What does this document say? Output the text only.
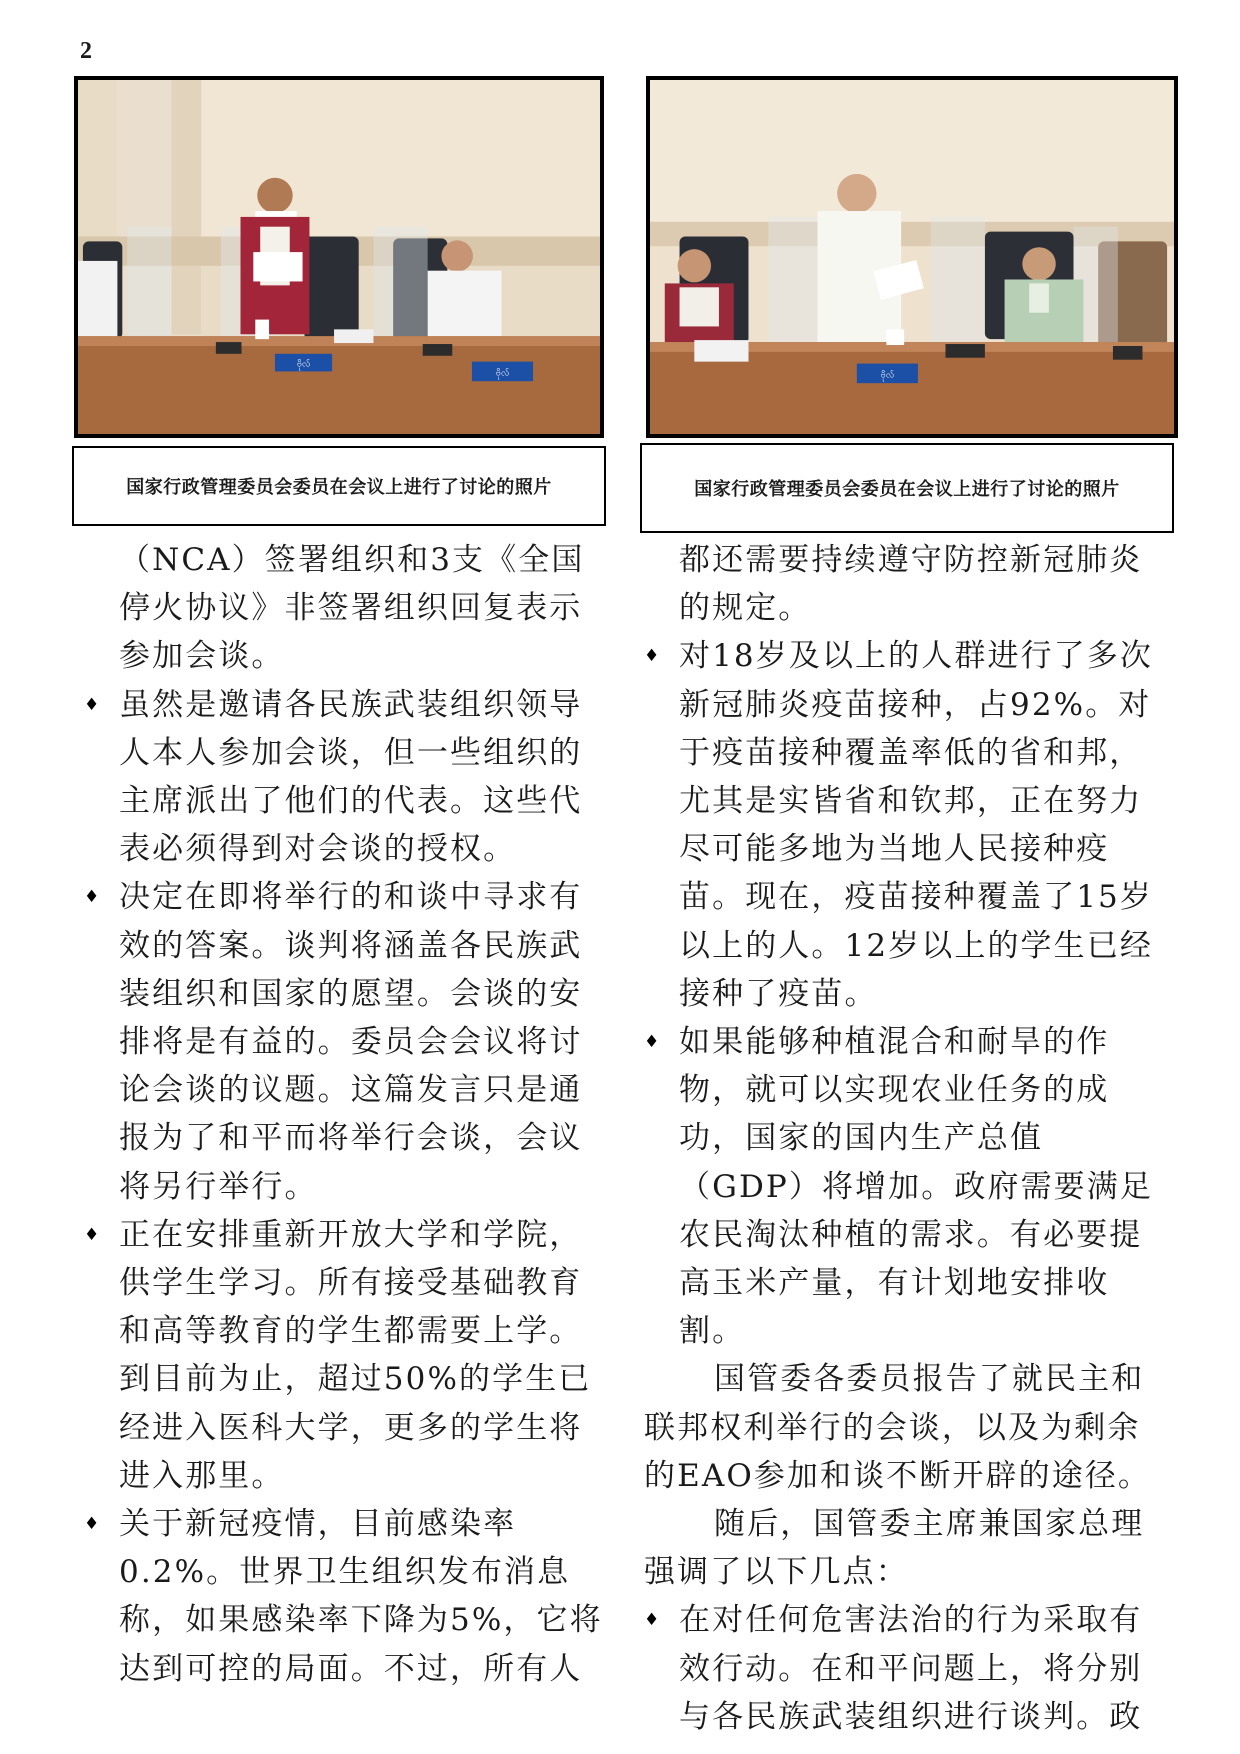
2
ဗိုလ်
ဗိုလ်	ဗိုလ်
国家行政管理委员会委员在会议上进行了讨论的照片	国家行政管理委员会委员在会议上进行了讨论的照片

（NCA）签署组织和3支《全国停火协议》非签署组织回复表示参加会谈。

♦ 虽然是邀请各民族武装组织领导人本人参加会谈，但一些组织的主席派出了他们的代表。这些代表必须得到对会谈的授权。

♦ 决定在即将举行的和谈中寻求有效的答案。谈判将涵盖各民族武装组织和国家的愿望。会谈的安排将是有益的。委员会会议将讨论会谈的议题。这篇发言只是通报为了和平而将举行会谈，会议将另行举行。

♦ 正在安排重新开放大学和学院，供学生学习。所有接受基础教育和高等教育的学生都需要上学。到目前为止，超过50%的学生已经进入医科大学，更多的学生将进入那里。

♦ 关于新冠疫情，目前感染率0.2%。世界卫生组织发布消息称，如果感染率下降为5%，它将达到可控的局面。不过，所有人

都还需要持续遵守防控新冠肺炎的规定。

♦ 对18岁及以上的人群进行了多次新冠肺炎疫苗接种，占92%。对于疫苗接种覆盖率低的省和邦，尤其是实皆省和钦邦，正在努力尽可能多地为当地人民接种疫苗。现在，疫苗接种覆盖了15岁以上的人。12岁以上的学生已经接种了疫苗。

♦ 如果能够种植混合和耐旱的作物，就可以实现农业任务的成功，国家的国内生产总值（GDP）将增加。政府需要满足农民淘汰种植的需求。有必要提高玉米产量，有计划地安排收割。

国管委各委员报告了就民主和联邦权利举行的会谈，以及为剩余的EAO参加和谈不断开辟的途径。

随后，国管委主席兼国家总理强调了以下几点：

♦ 在对任何危害法治的行为采取有效行动。在和平问题上，将分别与各民族武装组织进行谈判。政
